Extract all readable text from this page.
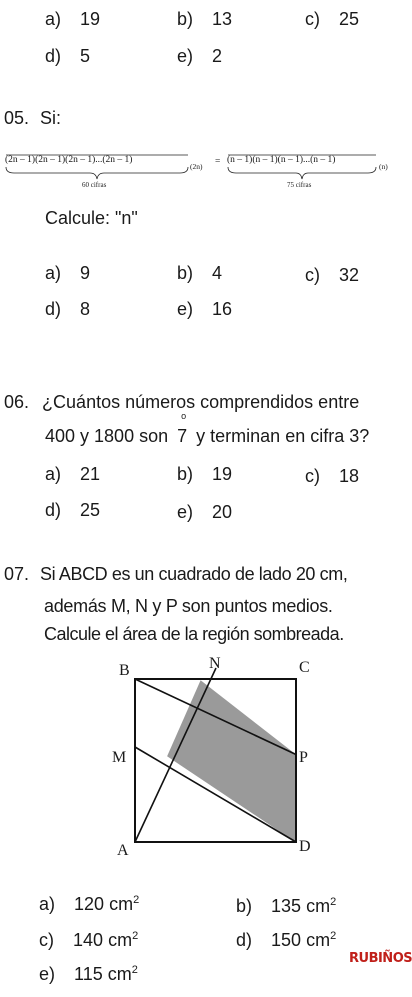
a) 19	b) 13	c) 25
d) 5	e) 2
05. Si:
(2n – 1)(2n – 1)(2n – 1)...(2n – 1)
(2n) = (n – 1)(n – 1)(n – 1)...(n – 1)
(n)
60 cifras	75 cifras
Calcule: "n"
a) 9	b) 4	c) 32
d) 8	e) 16
06. ¿Cuántos números comprendidos entre
400 y 1800 son
o
7 y terminan en cifra 3?
a) 21	b) 19	c) 18
d) 25	e) 20
07. Si ABCD es un cuadrado de lado 20 cm,
además M, N y P son puntos medios.
Calcule el área de la región sombreada.
B	N	C
M	P
A	D
a) 120 $cm^2$	b) 135 $cm^2$
c) 140 $cm^2$	d) 150 $cm^2$
e) 115 $cm^2$
RUBIÑOS
